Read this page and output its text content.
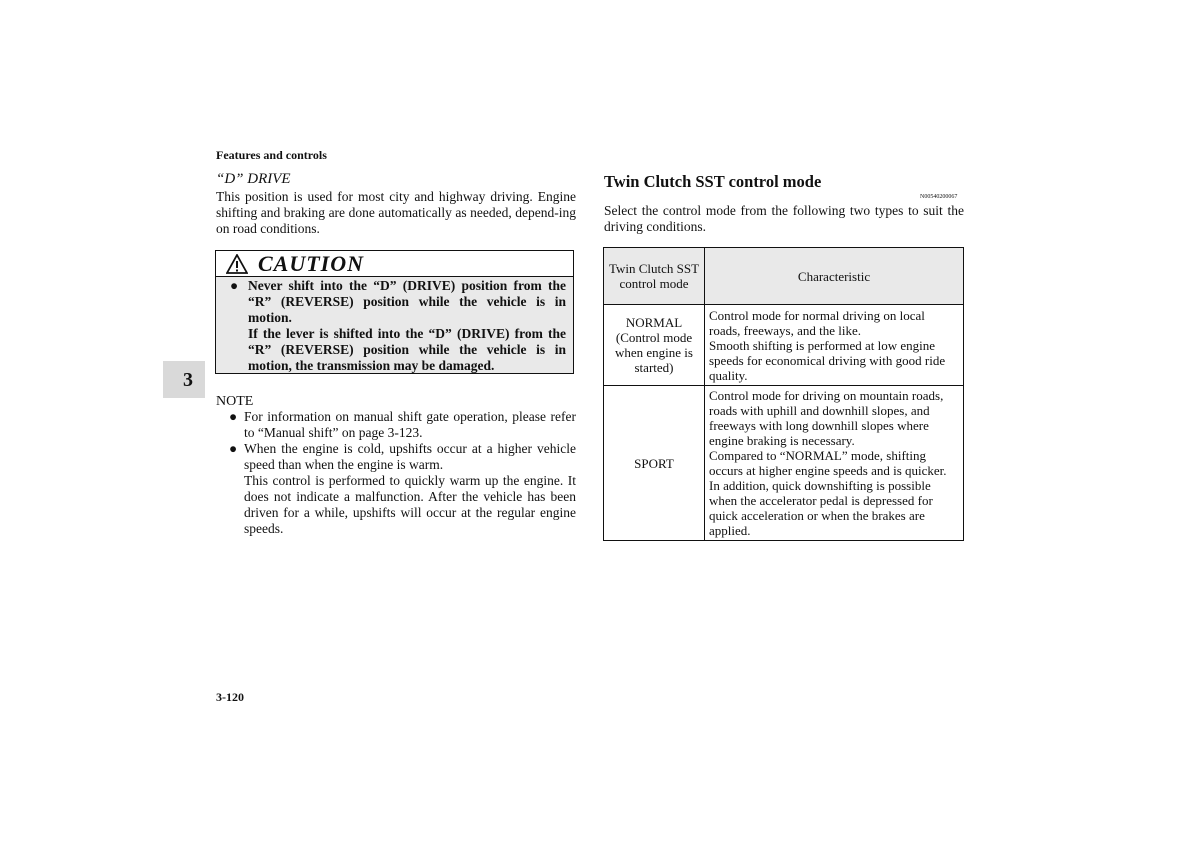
Features and controls
“D” DRIVE
This position is used for most city and highway driving. Engine shifting and braking are done automatically as needed, depend-ing on road conditions.
CAUTION
● Never shift into the “D” (DRIVE) position from the “R” (REVERSE) position while the vehicle is in motion.
If the lever is shifted into the “D” (DRIVE) from the “R” (REVERSE) position while the vehicle is in motion, the transmission may be damaged.
3
NOTE
● For information on manual shift gate operation, please refer to “Manual shift” on page 3-123.
● When the engine is cold, upshifts occur at a higher vehicle speed than when the engine is warm.
This control is performed to quickly warm up the engine. It does not indicate a malfunction. After the vehicle has been driven for a while, upshifts will occur at the regular engine speeds.
3-120
Twin Clutch SST control mode
N00540200067
Select the control mode from the following two types to suit the driving conditions.
Twin Clutch SST control mode	Characteristic
NORMAL (Control mode when engine is started)	Control mode for normal driving on local roads, freeways, and the like.
Smooth shifting is performed at low engine speeds for economical driving with good ride quality.

SPORT	Control mode for driving on mountain roads, roads with uphill and downhill slopes, and freeways with long downhill slopes where engine braking is necessary.
Compared to “NORMAL” mode, shifting occurs at higher engine speeds and is quicker. In addition, quick downshifting is possible when the accelerator pedal is depressed for quick acceleration or when the brakes are applied.
